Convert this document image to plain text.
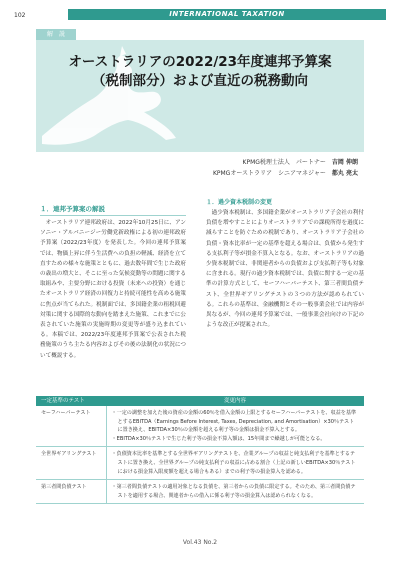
102	INTERNATIONAL TAXATION
解　説
オーストラリアの2022/23年度連邦予算案
（税制部分）および直近の税務動向
KPMG税理士法人　パートナー 吉岡 伸朗
KPMGオーストラリア　シニアマネジャー 都丸 亮太
１．連邦予算案の解説

オーストラリア連邦政府は、2022年10月25日に、アンソニー・アルバニージー労働党新政権による初の連邦政府予算案（2022/23年度）を発表した。今回の連邦予算案では、物価上昇に伴う生活費への負担の軽減、経済を立て直すための様々な施策とともに、過去数年間で生じた政府の歳出の増大と、そこに至った気候変動等の問題に関する取組みや、主要分野における投資（未来への投資）を通じたオーストラリア経済の回復力と持続可能性を高める施策に焦点が当てられた。税制面では、多国籍企業の租税回避対策に関する国際的な動向を踏まえた施策、これまでに公表されていた施策の実施時期の変更等が盛り込まれている。本稿では、2022/23年度連邦予算案で公表された税務施策のうち主たる内容およびその後の法制化の状況について概説する。

１．過少資本税制の変更

過少資本税制は、多国籍企業がオーストラリア子会社の利付負債を増やすことによりオーストラリアでの課税所得を過度に減らすことを防ぐための税制であり、オーストラリア子会社の負債・資本比率が一定の基準を超える場合は、負債から発生する支払利子等が損金不算入となる。なお、オーストラリアの過少資本税制では、非関連者からの負債および支払利子等も対象に含まれる。現行の過少資本税制では、負債に関する一定の基準の計算方式として、セーフハーバーテスト、第三者間負債テスト、全世界ギアリングテストの３つの方法が認められている。これらの基準は、金融機関とその一般事業会社では内容が異なるが、今回の連邦予算案では、一般事業会社向けの下記のような改正が提案された。

一定基準のテスト	変更内容
セーフハーバーテスト	・一定の調整を加えた後の資産の金額の60％を借入金額の上限とするセーフハーバーテストを、収益を基準とするEBITDA（Earnings Before Interest, Taxes, Depreciation, and Amortisation）×30％テストに置き換え、EBITDA×30％の金額を超える利子等の金額は損金不算入とする。
・EBITDA×30％テストで生じた利子等の損金不算入額は、15年間まで繰越しが可能となる。

全世界ギアリングテスト	・負債資本比率を基準とする全世界ギアリングテストを、企業グループの収益と純支払利子を基準とするテストに置き換え、全世界グループの純支払利子の収益に占める割合（上記の新しいEBITDA×30％テストにおける損金算入限度額を超える場合もある）までの利子等の損金算入を認める。

第三者間負債テスト	・第三者間負債テストの適用対象となる負債を、第三者からの負債に限定する。そのため、第三者間負債テストを適用する場合、関連者からの借入に係る利子等の損金算入は認められなくなる。
Vol.43 No.2
